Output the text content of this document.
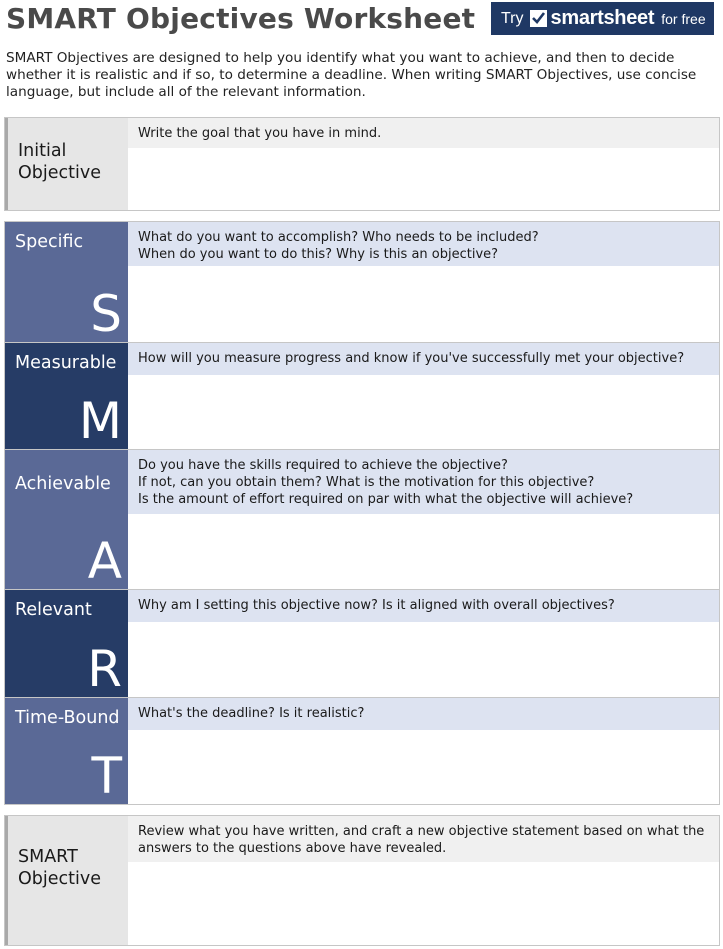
SMART Objectives Worksheet Try smartsheet for free
SMART Objectives are designed to help you identify what you want to achieve, and then to decide whether it is realistic and if so, to determine a deadline. When writing SMART Objectives, use concise language, but include all of the relevant information.
Initial Objective
Write the goal that you have in mind.
Specific
S
What do you want to accomplish? Who needs to be included?
When do you want to do this? Why is this an objective?
Measurable
M
How will you measure progress and know if you've successfully met your objective?
Achievable
A
Do you have the skills required to achieve the objective?
If not, can you obtain them? What is the motivation for this objective?
Is the amount of effort required on par with what the objective will achieve?
Relevant
R
Why am I setting this objective now? Is it aligned with overall objectives?
Time-Bound
T
What's the deadline? Is it realistic?
SMART Objective
Review what you have written, and craft a new objective statement based on what the answers to the questions above have revealed.
